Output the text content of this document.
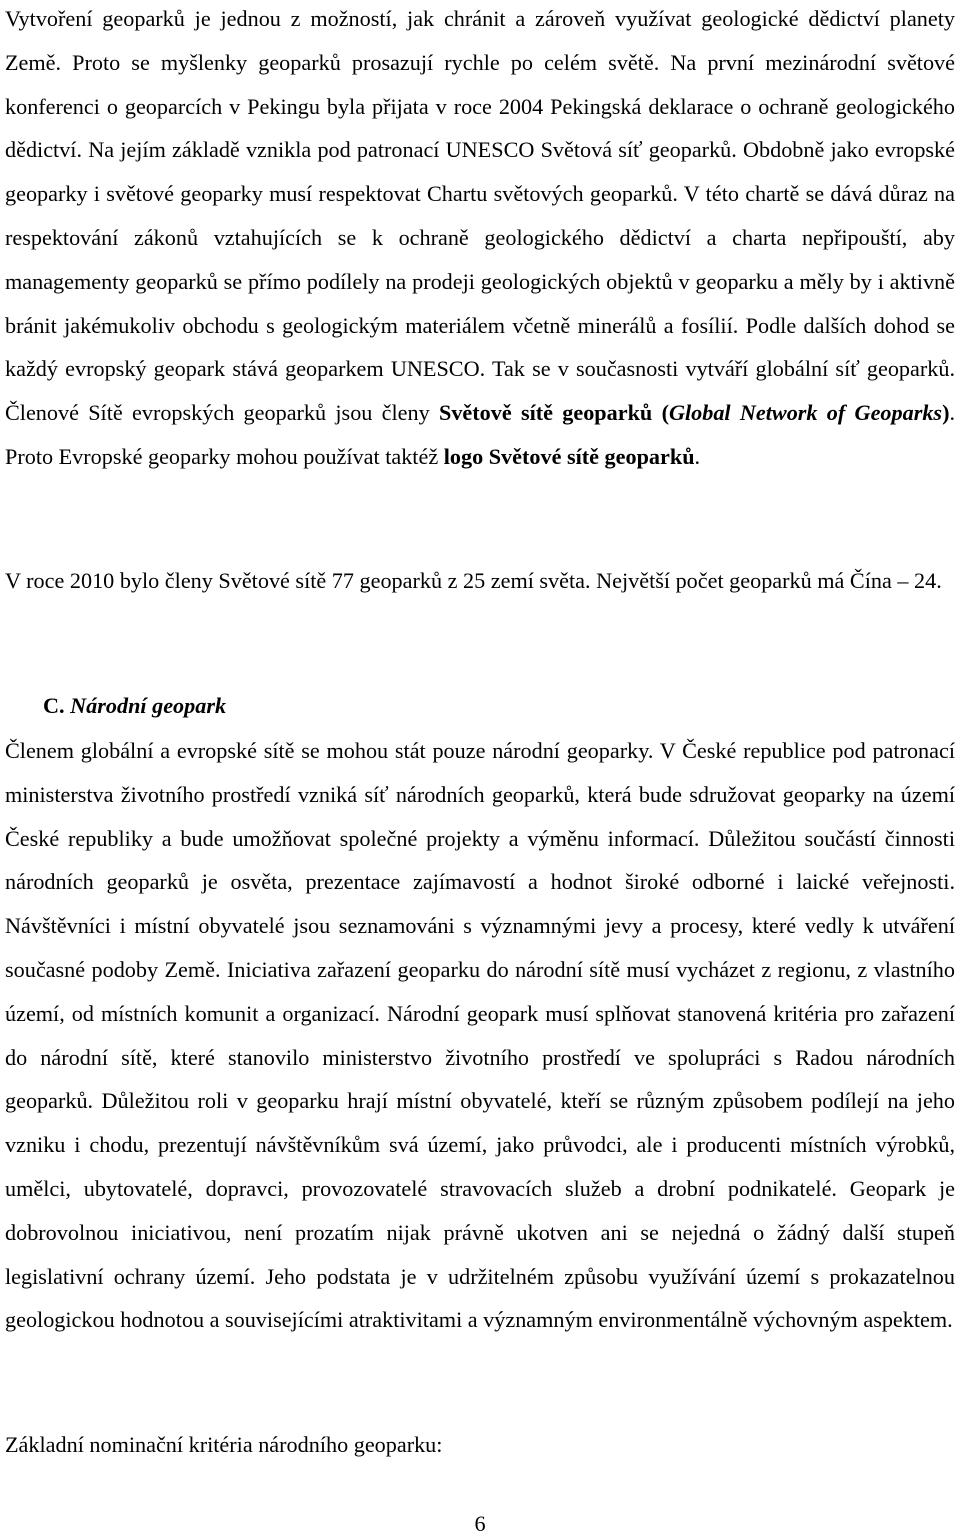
Vytvoření geoparků je jednou z možností, jak chránit a zároveň využívat geologické dědictví planety Země. Proto se myšlenky geoparků prosazují rychle po celém světě. Na první mezinárodní světové konferenci o geoparcích v Pekingu byla přijata v roce 2004 Pekingská deklarace o ochraně geologického dědictví. Na jejím základě vznikla pod patronací UNESCO Světová síť geoparků. Obdobně jako evropské geoparky i světové geoparky musí respektovat Chartu světových geoparků. V této chartě se dává důraz na respektování zákonů vztahujících se k ochraně geologického dědictví a charta nepřipouští, aby managementy geoparků se přímo podílely na prodeji geologických objektů v geoparku a měly by i aktivně bránit jakémukoliv obchodu s geologickým materiálem včetně minerálů a fosílií. Podle dalších dohod se každý evropský geopark stává geoparkem UNESCO. Tak se v současnosti vytváří globální síť geoparků. Členové Sítě evropských geoparků jsou členy Světově sítě geoparků (Global Network of Geoparks). Proto Evropské geoparky mohou používat taktéž logo Světové sítě geoparků.

V roce 2010 bylo členy Světové sítě 77 geoparků z 25 zemí světa. Největší počet geoparků má Čína – 24.

C. Národní geopark

Členem globální a evropské sítě se mohou stát pouze národní geoparky. V České republice pod patronací ministerstva životního prostředí vzniká síť národních geoparků, která bude sdružovat geoparky na území České republiky a bude umožňovat společné projekty a výměnu informací. Důležitou součástí činnosti národních geoparků je osvěta, prezentace zajímavostí a hodnot široké odborné i laické veřejnosti. Návštěvníci i místní obyvatelé jsou seznamováni s významnými jevy a procesy, které vedly k utváření současné podoby Země. Iniciativa zařazení geoparku do národní sítě musí vycházet z regionu, z vlastního území, od místních komunit a organizací. Národní geopark musí splňovat stanovená kritéria pro zařazení do národní sítě, které stanovilo ministerstvo životního prostředí ve spolupráci s Radou národních geoparků. Důležitou roli v geoparku hrají místní obyvatelé, kteří se různým způsobem podílejí na jeho vzniku i chodu, prezentují návštěvníkům svá území, jako průvodci, ale i producenti místních výrobků, umělci, ubytovatelé, dopravci, provozovatelé stravovacích služeb a drobní podnikatelé. Geopark je dobrovolnou iniciativou, není prozatím nijak právně ukotven ani se nejedná o žádný další stupeň legislativní ochrany území. Jeho podstata je v udržitelném způsobu využívání území s prokazatelnou geologickou hodnotou a souvisejícími atraktivitami a významným environmentálně výchovným aspektem.

Základní nominační kritéria národního geoparku:

6
